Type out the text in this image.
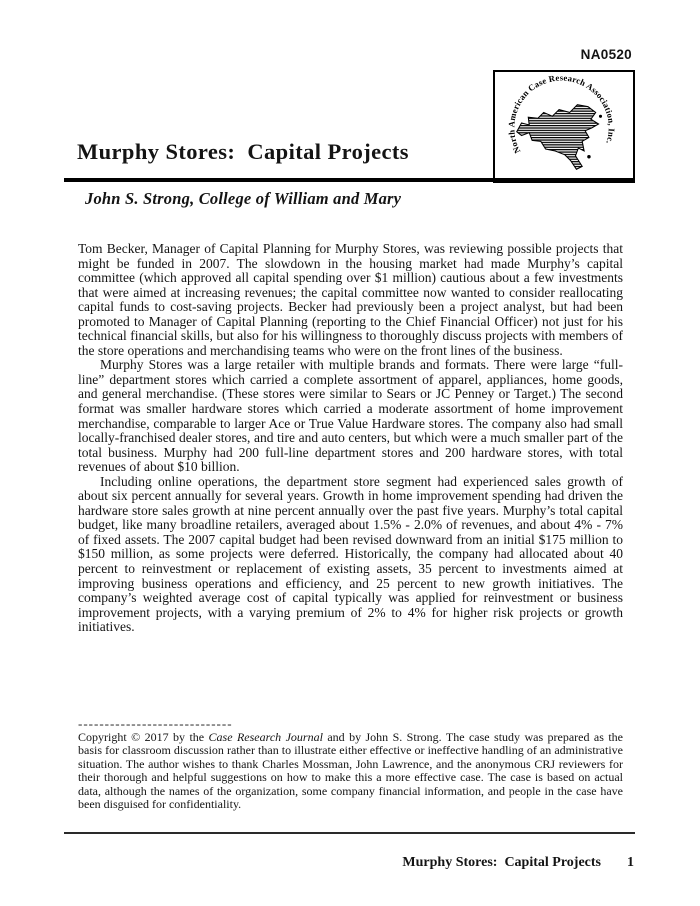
NA0520
North American Case Research Association, Inc.
Murphy Stores:  Capital Projects
John S. Strong, College of William and Mary

Tom Becker, Manager of Capital Planning for Murphy Stores, was reviewing possible projects that might be funded in 2007. The slowdown in the housing market had made Murphy’s capital committee (which approved all capital spending over $1 million) cautious about a few investments that were aimed at increasing revenues; the capital committee now wanted to consider reallocating capital funds to cost-saving projects. Becker had previously been a project analyst, but had been promoted to Manager of Capital Planning (reporting to the Chief Financial Officer) not just for his technical financial skills, but also for his willingness to thoroughly discuss projects with members of the store operations and merchandising teams who were on the front lines of the business.

Murphy Stores was a large retailer with multiple brands and formats. There were large “full-line” department stores which carried a complete assortment of apparel, appliances, home goods, and general merchandise. (These stores were similar to Sears or JC Penney or Target.) The second format was smaller hardware stores which carried a moderate assortment of home improvement merchandise, comparable to larger Ace or True Value Hardware stores. The company also had small locally-franchised dealer stores, and tire and auto centers, but which were a much smaller part of the total business. Murphy had 200 full-line department stores and 200 hardware stores, with total revenues of about $10 billion.

Including online operations, the department store segment had experienced sales growth of about six percent annually for several years. Growth in home improvement spending had driven the hardware store sales growth at nine percent annually over the past five years. Murphy’s total capital budget, like many broadline retailers, averaged about 1.5% - 2.0% of revenues, and about 4% - 7% of fixed assets. The 2007 capital budget had been revised downward from an initial $175 million to $150 million, as some projects were deferred. Historically, the company had allocated about 40 percent to reinvestment or replacement of existing assets, 35 percent to investments aimed at improving business operations and efficiency, and 25 percent to new growth initiatives. The company’s weighted average cost of capital typically was applied for reinvestment or business improvement projects, with a varying premium of 2% to 4% for higher risk projects or growth initiatives.

-----------------------------

Copyright © 2017 by the Case Research Journal and by John S. Strong. The case study was prepared as the basis for classroom discussion rather than to illustrate either effective or ineffective handling of an administrative situation. The author wishes to thank Charles Mossman, John Lawrence, and the anonymous CRJ reviewers for their thorough and helpful suggestions on how to make this a more effective case. The case is based on actual data, although the names of the organization, some company financial information, and people in the case have been disguised for confidentiality.

Murphy Stores:  Capital Projects 1
